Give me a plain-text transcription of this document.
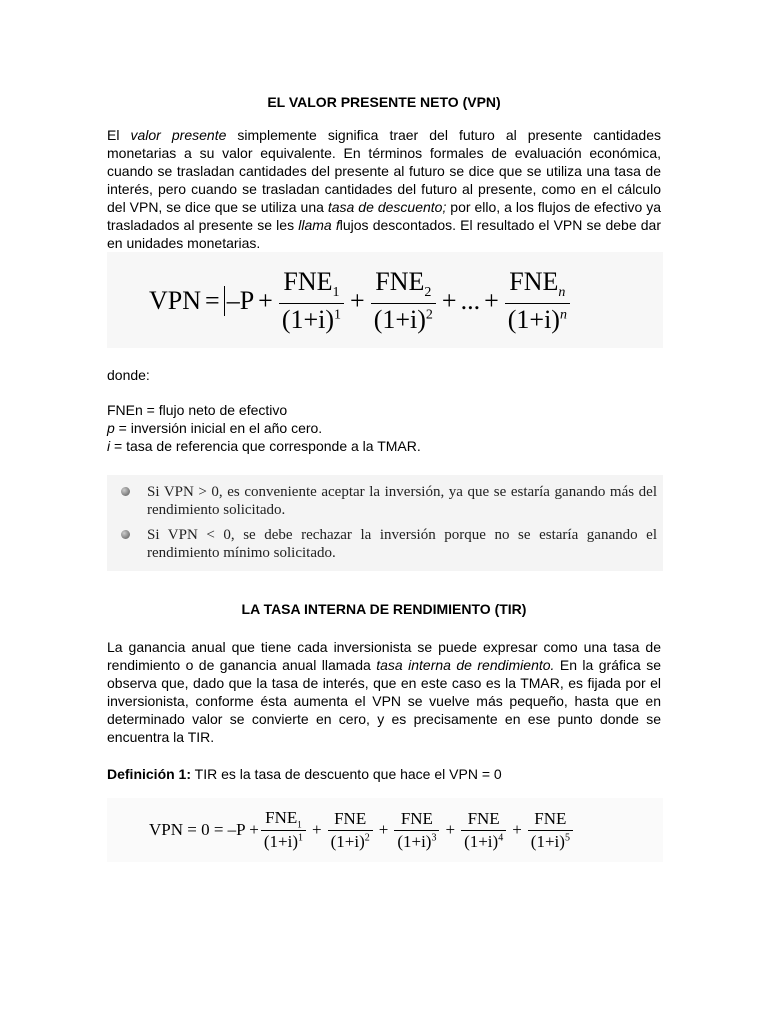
EL VALOR PRESENTE NETO (VPN)
El valor presente simplemente significa traer del futuro al presente cantidades monetarias a su valor equivalente. En términos formales de evaluación económica, cuando se trasladan cantidades del presente al futuro se dice que se utiliza una tasa de interés, pero cuando se trasladan cantidades del futuro al presente, como en el cálculo del VPN, se dice que se utiliza una tasa de descuento; por ello, a los flujos de efectivo ya trasladados al presente se les llama flujos descontados. El resultado el VPN se debe dar en unidades monetarias.
VPN = $-P + \frac{FNE_1}{(1+i)^1} + \frac{FNE_2}{(1+i)^2}$ + ... + $\frac{FNE_n}{(1+i)^n}$
donde:
FNEn = flujo neto de efectivo
p = inversión inicial en el año cero.
i = tasa de referencia que corresponde a la TMAR.
Si VPN > 0, es conveniente aceptar la inversión, ya que se estaría ganando más del rendimiento solicitado.
Si VPN < 0, se debe rechazar la inversión porque no se estaría ganando el rendimiento mínimo solicitado.
LA TASA INTERNA DE RENDIMIENTO (TIR)
La ganancia anual que tiene cada inversionista se puede expresar como una tasa de rendimiento o de ganancia anual llamada tasa interna de rendimiento. En la gráfica se observa que, dado que la tasa de interés, que en este caso es la TMAR, es fijada por el inversionista, conforme ésta aumenta el VPN se vuelve más pequeño, hasta que en determinado valor se convierte en cero, y es precisamente en ese punto donde se encuentra la TIR.
Definición 1: TIR es la tasa de descuento que hace el VPN = 0
VPN = $0 = -P + \frac{FNE_1}{(1+i)^1} + \frac{\text{FNE}}{(1+i)^2} + \frac{\text{FNE}}{(1+i)^3} + \frac{\text{FNE}}{(1+i)^4} + \frac{\text{FNE}}{(1+i)^5}$
